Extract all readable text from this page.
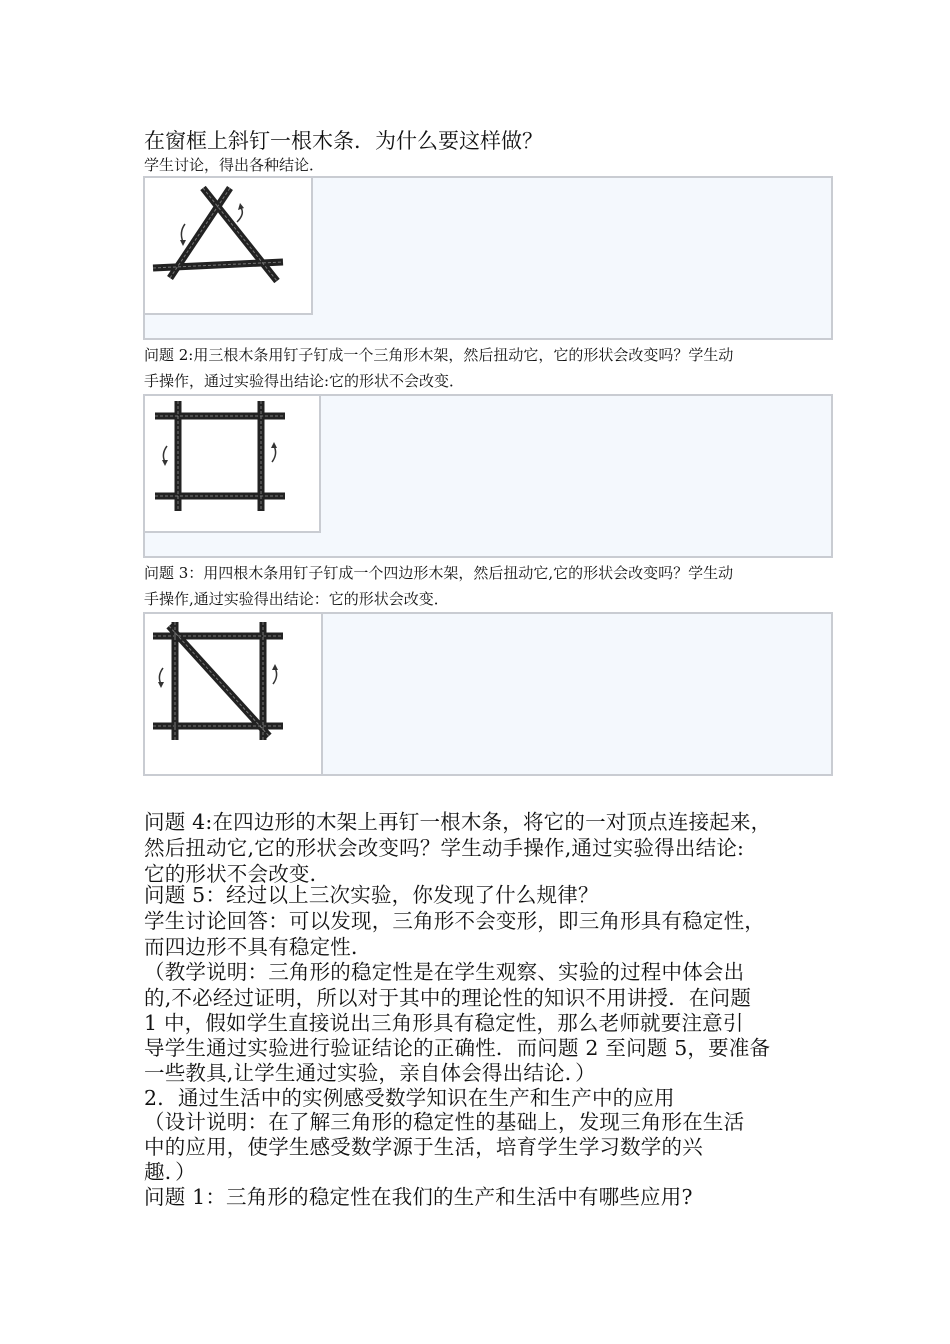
在窗框上斜钉一根木条．为什么要这样做？
学生讨论，得出各种结论．
问题 2:用三根木条用钉子钉成一个三角形木架，然后扭动它，它的形状会改变吗？学生动
手操作，通过实验得出结论:它的形状不会改变．
问题 3：用四根木条用钉子钉成一个四边形木架，然后扭动它,它的形状会改变吗？学生动
手操作,通过实验得出结论：它的形状会改变．
问题 4:在四边形的木架上再钉一根木条，将它的一对顶点连接起来，
然后扭动它,它的形状会改变吗？学生动手操作,通过实验得出结论:
它的形状不会改变．
问题 5：经过以上三次实验，你发现了什么规律？
学生讨论回答：可以发现，三角形不会变形，即三角形具有稳定性，
而四边形不具有稳定性．
（教学说明：三角形的稳定性是在学生观察、实验的过程中体会出
的,不必经过证明，所以对于其中的理论性的知识不用讲授．在问题
1 中，假如学生直接说出三角形具有稳定性，那么老师就要注意引
导学生通过实验进行验证结论的正确性．而问题 2 至问题 5，要准备
一些教具,让学生通过实验，亲自体会得出结论．）
2．通过生活中的实例感受数学知识在生产和生产中的应用
（设计说明：在了解三角形的稳定性的基础上，发现三角形在生活
中的应用，使学生感受数学源于生活，培育学生学习数学的兴
趣．）
问题 1：三角形的稳定性在我们的生产和生活中有哪些应用?
